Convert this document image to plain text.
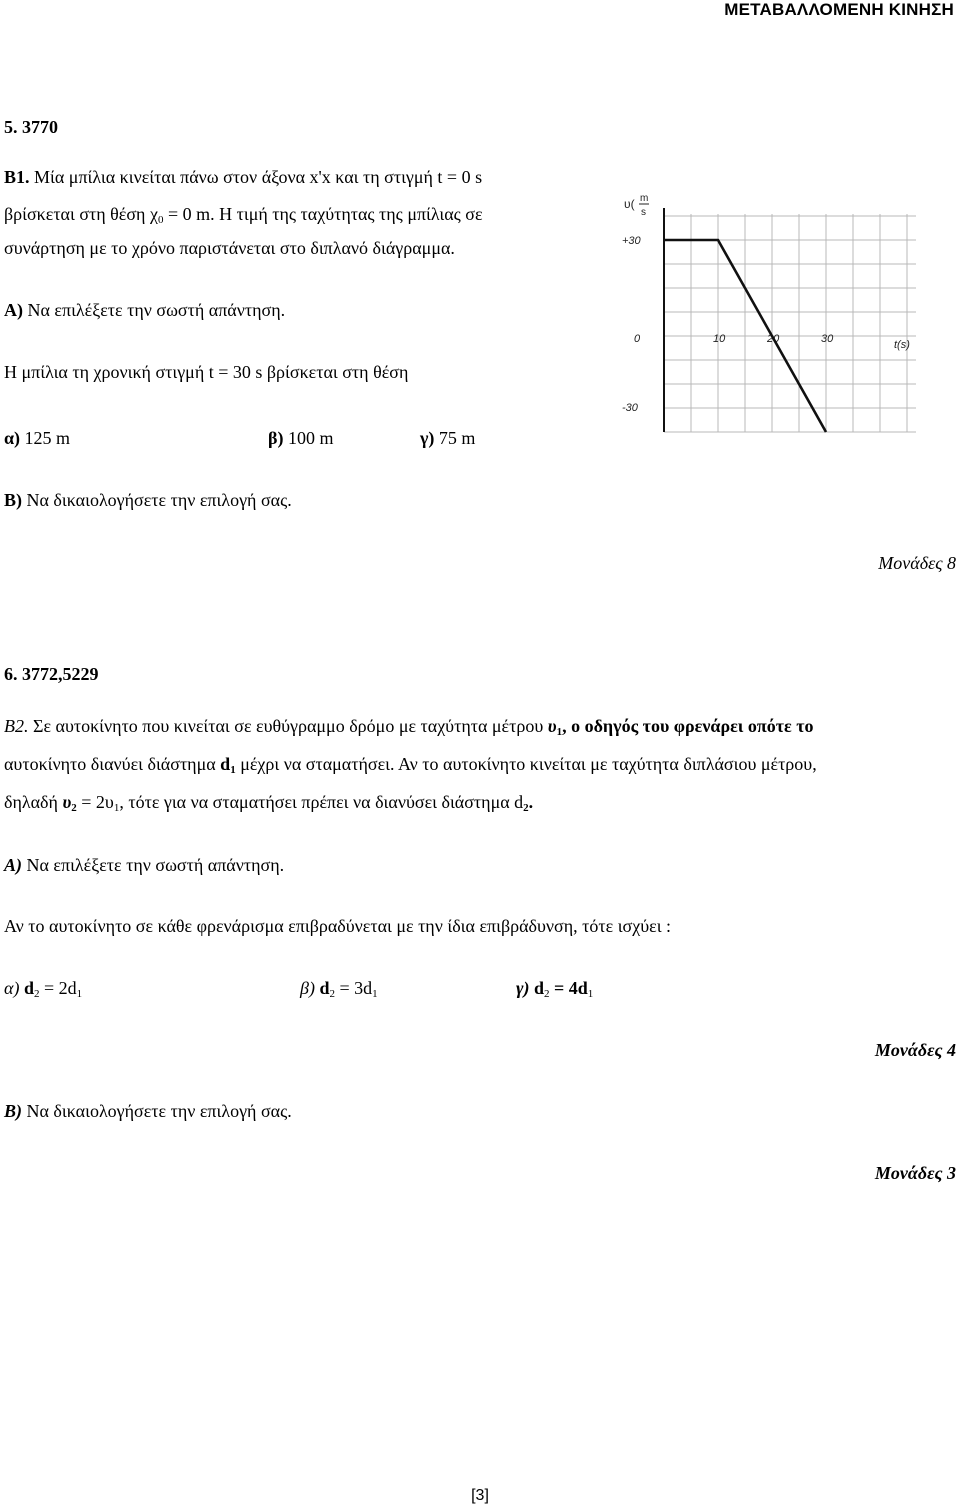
ΜΕΤΑΒΑΛΛΟΜΕΝΗ ΚΙΝΗΣΗ
5. 3770
Β1. Μία μπίλια κινείται πάνω στον άξονα x'x και τη στιγμή t = 0 s
βρίσκεται στη θέση $\chi_0 = 0$ m. Η τιμή της ταχύτητας της μπίλιας σε
συνάρτηση με το χρόνο παριστάνεται στο διπλανό διάγραμμα.
Α) Να επιλέξετε την σωστή απάντηση.
Η μπίλια τη χρονική στιγμή t = 30 s βρίσκεται στη θέση
α) 125 m	β) 100 m	γ) 75 m
Β) Να δικαιολογήσετε την επιλογή σας.
Μονάδες 8
0	10	20	30
+30
-30
υ( m
s
t(s)
6. 3772,5229
Β2. Σε αυτοκίνητο που κινείται σε ευθύγραμμο δρόμο με ταχύτητα μέτρου $\upsilon_1$, ο οδηγός του φρενάρει οπότε το
αυτοκίνητο διανύει διάστημα $d_1$ μέχρι να σταματήσει. Αν το αυτοκίνητο κινείται με ταχύτητα διπλάσιου μέτρου,
δηλαδή $\upsilon_2 = 2\upsilon_1$, τότε για να σταματήσει πρέπει να διανύσει διάστημα $d_2$.
Α) Να επιλέξετε την σωστή απάντηση.
Αν το αυτοκίνητο σε κάθε φρενάρισμα επιβραδύνεται με την ίδια επιβράδυνση, τότε ισχύει :
α) $d_2 = 2d_1$	β) $d_2 = 3d_1$	γ) $d_2 = 4d_1$
Μονάδες 4
Β) Να δικαιολογήσετε την επιλογή σας.
Μονάδες 3
[3]
